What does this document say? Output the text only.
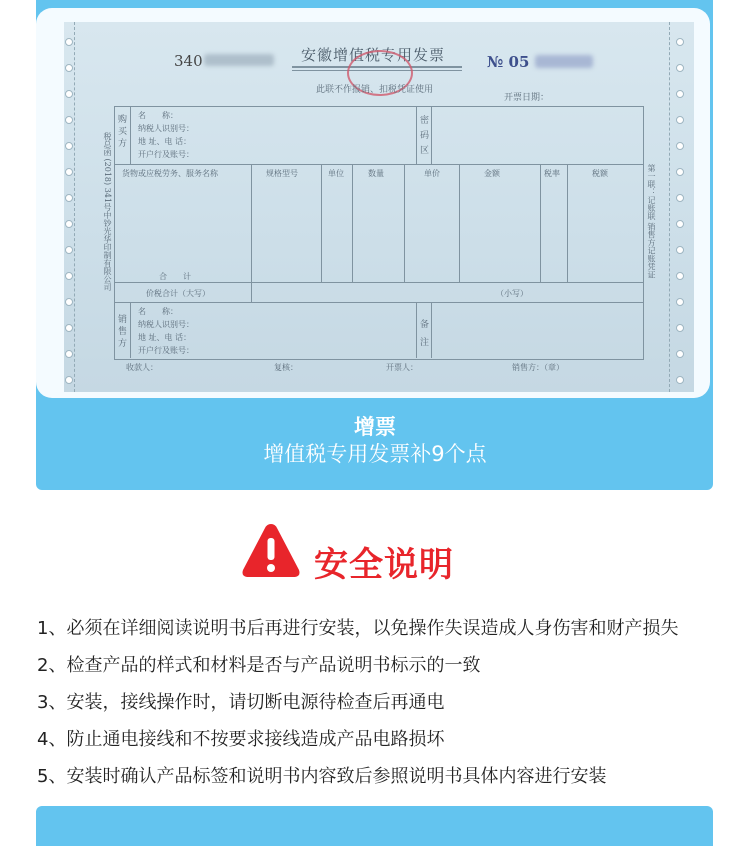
340	安徽增值税专用发票	№ 05
此联不作报销、扣税凭证使用
开票日期：
购买方
名　　称：
纳税人识别号：
地 址、电 话：
开户行及账号：
密码区
货物或应税劳务、服务名称	规格型号	单位	数量	单价	金额	税率	税额
合　　计
价税合计（大写）	（小写）
销售方
名　　称：
纳税人识别号：
地 址、电 话：
开户行及账号：
备注
收款人：	复核：	开票人：	销售方：（章）
税总函 (2018) 341号中钞光华印制有限公司	第一联：记账联 销售方记账凭证
增票
增值税专用发票补9个点
安全说明
1、必须在详细阅读说明书后再进行安装，以免操作失误造成人身伤害和财产损失
2、检查产品的样式和材料是否与产品说明书标示的一致
3、安装，接线操作时，请切断电源待检查后再通电
4、防止通电接线和不按要求接线造成产品电路损坏
5、安装时确认产品标签和说明书内容致后参照说明书具体内容进行安装
